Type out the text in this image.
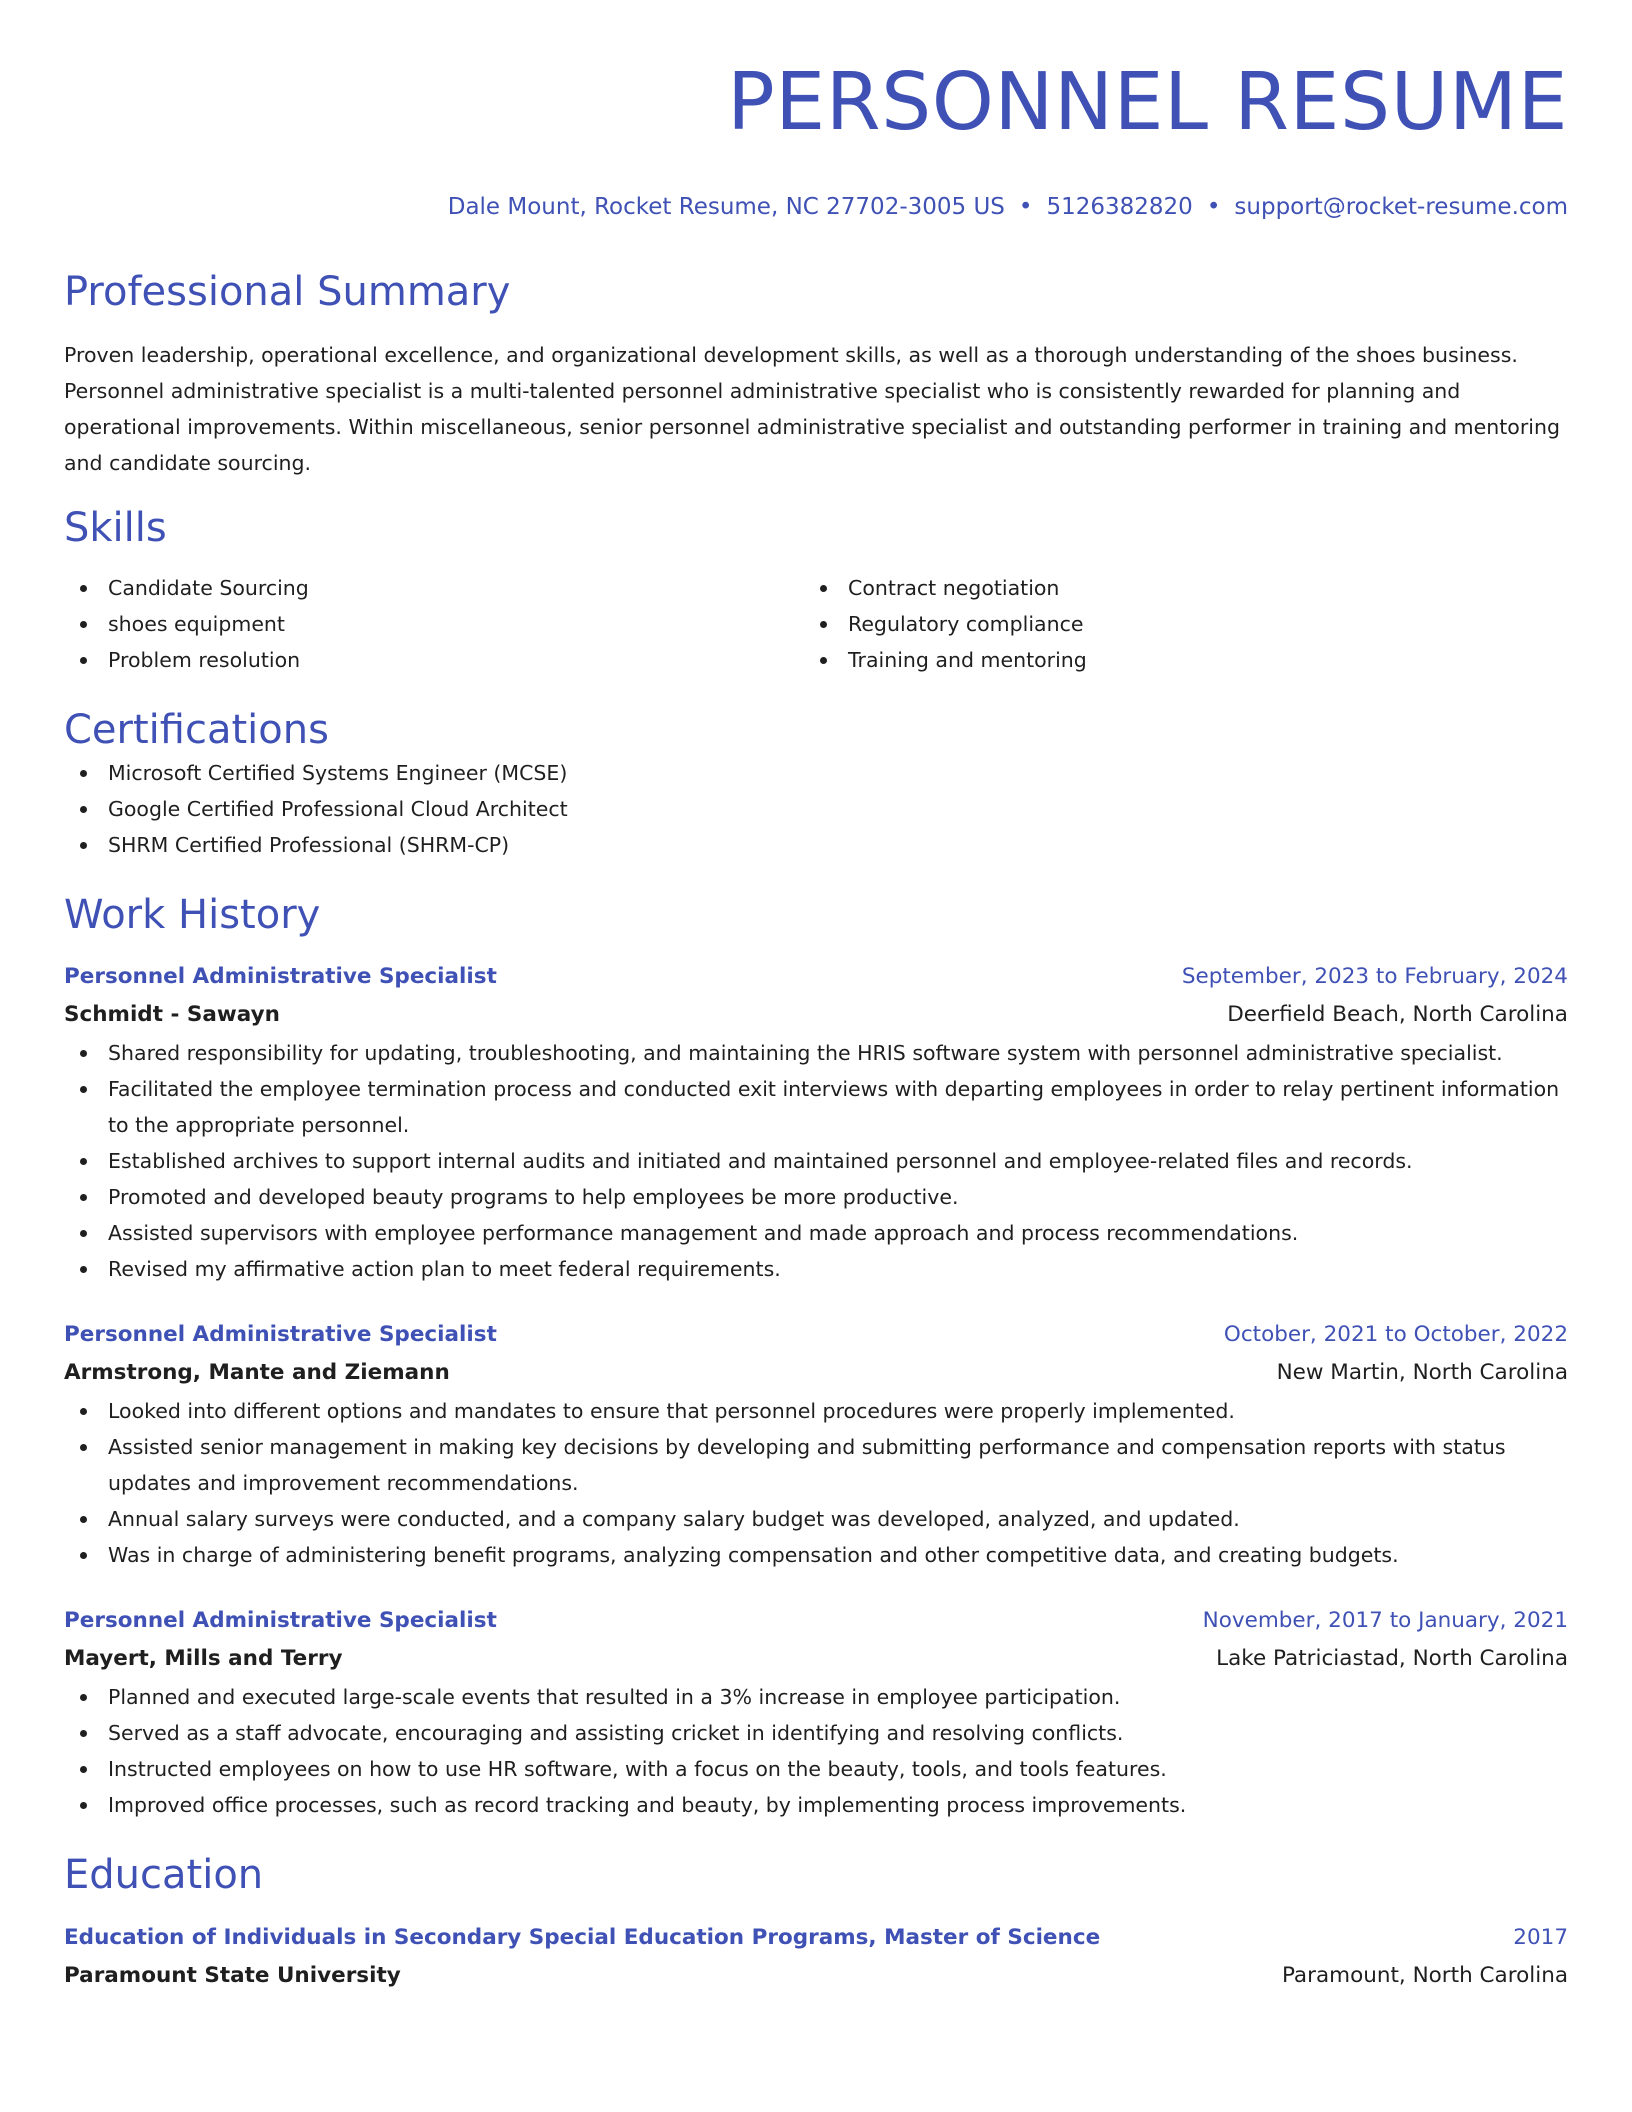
PERSONNEL RESUME
Dale Mount, Rocket Resume, NC 27702-3005 US • 5126382820 • support@rocket-resume.com
Professional Summary
Proven leadership, operational excellence, and organizational development skills, as well as a thorough understanding of the shoes business. Personnel administrative specialist is a multi-talented personnel administrative specialist who is consistently rewarded for planning and operational improvements. Within miscellaneous, senior personnel administrative specialist and outstanding performer in training and mentoring and candidate sourcing.
Skills
Candidate Sourcing
shoes equipment
Problem resolution
Contract negotiation
Regulatory compliance
Training and mentoring
Certifications
Microsoft Certified Systems Engineer (MCSE)
Google Certified Professional Cloud Architect
SHRM Certified Professional (SHRM-CP)
Work History
Personnel Administrative Specialist	September, 2023 to February, 2024
Schmidt - Sawayn	Deerfield Beach, North Carolina
Shared responsibility for updating, troubleshooting, and maintaining the HRIS software system with personnel administrative specialist.
Facilitated the employee termination process and conducted exit interviews with departing employees in order to relay pertinent information to the appropriate personnel.
Established archives to support internal audits and initiated and maintained personnel and employee-related files and records.
Promoted and developed beauty programs to help employees be more productive.
Assisted supervisors with employee performance management and made approach and process recommendations.
Revised my affirmative action plan to meet federal requirements.
Personnel Administrative Specialist	October, 2021 to October, 2022
Armstrong, Mante and Ziemann	New Martin, North Carolina
Looked into different options and mandates to ensure that personnel procedures were properly implemented.
Assisted senior management in making key decisions by developing and submitting performance and compensation reports with status updates and improvement recommendations.
Annual salary surveys were conducted, and a company salary budget was developed, analyzed, and updated.
Was in charge of administering benefit programs, analyzing compensation and other competitive data, and creating budgets.
Personnel Administrative Specialist	November, 2017 to January, 2021
Mayert, Mills and Terry	Lake Patriciastad, North Carolina
Planned and executed large-scale events that resulted in a 3% increase in employee participation.
Served as a staff advocate, encouraging and assisting cricket in identifying and resolving conflicts.
Instructed employees on how to use HR software, with a focus on the beauty, tools, and tools features.
Improved office processes, such as record tracking and beauty, by implementing process improvements.
Education
Education of Individuals in Secondary Special Education Programs, Master of Science	2017
Paramount State University	Paramount, North Carolina
